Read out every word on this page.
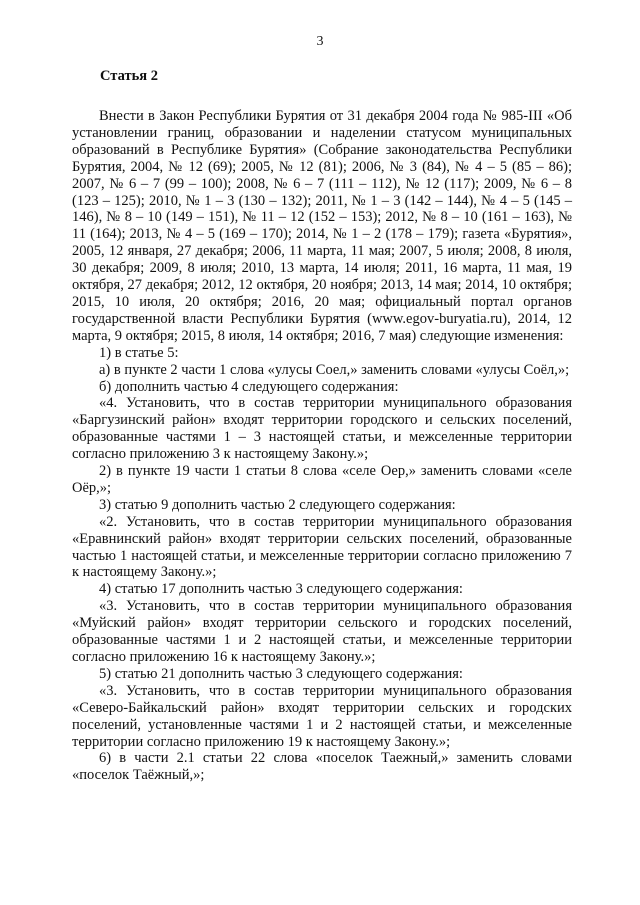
3
Статья 2

Внести в Закон Республики Бурятия от 31 декабря 2004 года № 985-III «Об установлении границ, образовании и наделении статусом муниципальных образований в Республике Бурятия» (Собрание законодательства Республики Бурятия, 2004, № 12 (69); 2005, № 12 (81); 2006, № 3 (84), № 4 – 5 (85 – 86); 2007, № 6 – 7 (99 – 100); 2008, № 6 – 7 (111 – 112), № 12 (117); 2009, № 6 – 8 (123 – 125); 2010, № 1 – 3 (130 – 132); 2011, № 1 – 3 (142 – 144), № 4 – 5 (145 – 146), № 8 – 10 (149 – 151), № 11 – 12 (152 – 153); 2012, № 8 – 10 (161 – 163), № 11 (164); 2013, № 4 – 5 (169 – 170); 2014, № 1 – 2 (178 – 179); газета «Бурятия», 2005, 12 января, 27 декабря; 2006, 11 марта, 11 мая; 2007, 5 июля; 2008, 8 июля, 30 декабря; 2009, 8 июля; 2010, 13 марта, 14 июля; 2011, 16 марта, 11 мая, 19 октября, 27 декабря; 2012, 12 октября, 20 ноября; 2013, 14 мая; 2014, 10 октября; 2015, 10 июля, 20 октября; 2016, 20 мая; официальный портал органов государственной власти Республики Бурятия (www.egov-buryatia.ru), 2014, 12 марта, 9 октября; 2015, 8 июля, 14 октября; 2016, 7 мая) следующие изменения:

1) в статье 5:

а) в пункте 2 части 1 слова «улусы Соел,» заменить словами «улусы Соёл,»;

б) дополнить частью 4 следующего содержания:

«4. Установить, что в состав территории муниципального образования «Баргузинский район» входят территории городского и сельских поселений, образованные частями 1 – 3 настоящей статьи, и межселенные территории согласно приложению 3 к настоящему Закону.»;

2) в пункте 19 части 1 статьи 8 слова «селе Оер,» заменить словами «селе Оёр,»;

3) статью 9 дополнить частью 2 следующего содержания:

«2. Установить, что в состав территории муниципального образования «Еравнинский район» входят территории сельских поселений, образованные частью 1 настоящей статьи, и межселенные территории согласно приложению 7 к настоящему Закону.»;

4) статью 17 дополнить частью 3 следующего содержания:

«3. Установить, что в состав территории муниципального образования «Муйский район» входят территории сельского и городских поселений, образованные частями 1 и 2 настоящей статьи, и межселенные территории согласно приложению 16 к настоящему Закону.»;

5) статью 21 дополнить частью 3 следующего содержания:

«3. Установить, что в состав территории муниципального образования «Северо-Байкальский район» входят территории сельских и городских поселений, установленные частями 1 и 2 настоящей статьи, и межселенные территории согласно приложению 19 к настоящему Закону.»;

6) в части 2.1 статьи 22 слова «поселок Таежный,» заменить словами «поселок Таёжный,»;
